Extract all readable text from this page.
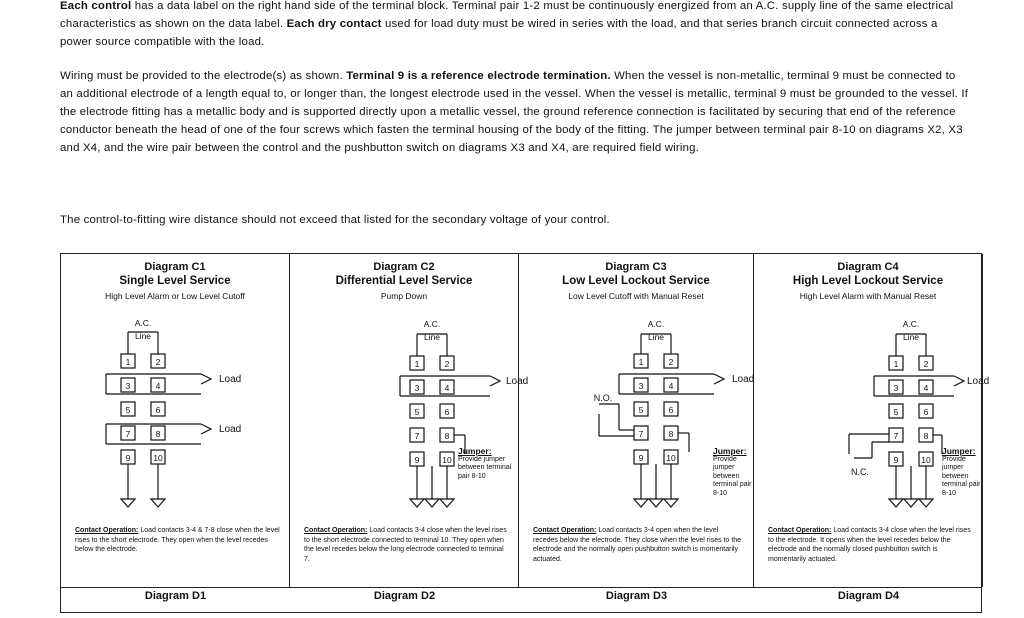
Each control has a data label on the right hand side of the terminal block. Terminal pair 1-2 must be continuously energized from an A.C. supply line of the same electrical characteristics as shown on the data label. Each dry contact used for load duty must be wired in series with the load, and that series branch circuit connected across a power source compatible with the load.
Wiring must be provided to the electrode(s) as shown. Terminal 9 is a reference electrode termination. When the vessel is non-metallic, terminal 9 must be connected to an additional electrode of a length equal to, or longer than, the longest electrode used in the vessel. When the vessel is metallic, terminal 9 must be grounded to the vessel. If the electrode fitting has a metallic body and is supported directly upon a metallic vessel, the ground reference connection is facilitated by securing that end of the reference conductor beneath the head of one of the four screws which fasten the terminal housing of the body of the fitting. The jumper between terminal pair 8-10 on diagrams X2, X3 and X4, and the wire pair between the control and the pushbutton switch on diagrams X3 and X4, are required field wiring.
The control-to-fitting wire distance should not exceed that listed for the secondary voltage of your control.
Diagram C1
Single Level Service
High Level Alarm or Low Level Cutoff
1	2
3	4
5	6
7	8
9	10
A.C.
Line
Load
Load
Contact Operation: Load contacts 3-4 & 7-8 close when the level rises to the short electrode. They open when the level recedes below the electrode.
Diagram C2
Differential Level Service
Pump Down
1	2
3	4
5	6
7	8
9	10
A.C.
Line
Load
Jumper:
Provide jumper between terminal pair 8-10
Contact Operation: Load contacts 3-4 close when the level rises to the short electrode connected to terminal 10. They open when the level recedes below the long electrode connected to terminal 7.
Diagram C3
Low Level Lockout Service
Low Level Cutoff with Manual Reset
1	2
3	4
5	6
7	8
9	10
A.C.
Line
N.O.
Load
Jumper:
Provide jumper between terminal pair 8-10
Contact Operation: Load contacts 3-4 open when the level recedes below the electrode. They close when the level rises to the electrode and the normally open pushbutton switch is momentarily actuated.
Diagram C4
High Level Lockout Service
High Level Alarm with Manual Reset
1	2
3	4
5	6
7	8
9	10
A.C.
Line
N.C.
Load
Jumper:
Provide jumper between terminal pair 8-10
Contact Operation: Load contacts 3-4 close when the level rises to the electrode. It opens when the level recedes below the electrode and the normally closed pushbutton switch is momentarily actuated.
Diagram D1	Diagram D2	Diagram D3	Diagram D4
